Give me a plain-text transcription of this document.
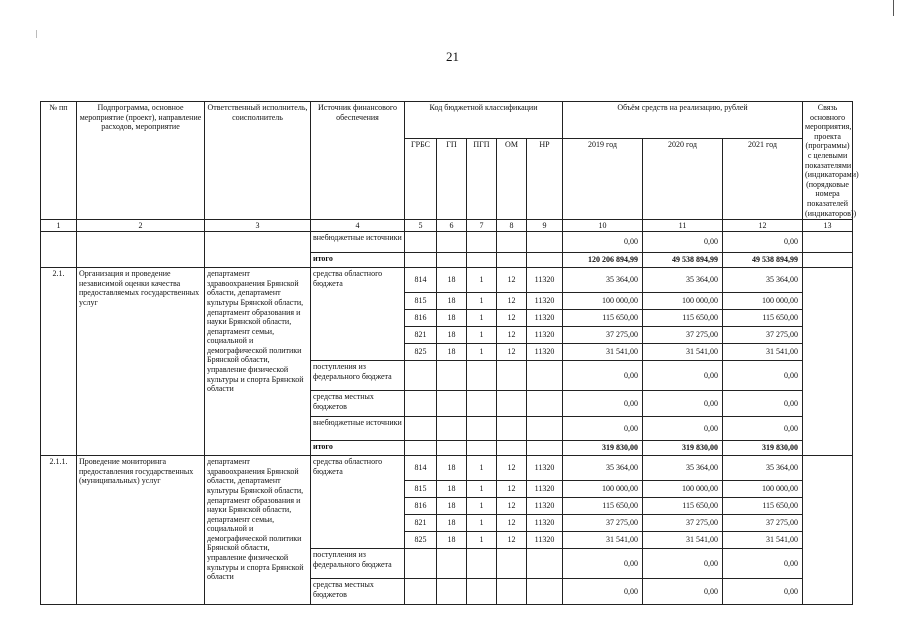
21
№ пп	Подпрограмма, основное мероприятие (проект), направление расходов, мероприятие	Ответственный исполнитель, соисполнитель	Источник финансового обеспечения	Код бюджетной классификации					Объём средств на реализацию, рублей			Связь основного мероприятия, проекта (программы) с целевыми показателями (индикаторами) (порядковые номера показателей (индикаторов))
				ГРБС	ГП	ПГП	ОМ	НР	2019 год	2020 год	2021 год	
1	2	3	4	5	6	7	8	9	10	11	12	13
			внебюджетные источники						0,00	0,00	0,00	
			итого						120 206 894,99	49 538 894,99	49 538 894,99	
2.1.	Организация и проведение независимой оценки качества предоставляемых государственных услуг	департамент здравоохранения Брянской области, департамент культуры Брянской области, департамент образования и науки Брянской области, департамент семьи, социальной и демографической политики Брянской области, управление физической культуры и спорта Брянской области	средства областного бюджета	814	18	1	12	11320	35 364,00	35 364,00	35 364,00	
				815	18	1	12	11320	100 000,00	100 000,00	100 000,00	
				816	18	1	12	11320	115 650,00	115 650,00	115 650,00	
				821	18	1	12	11320	37 275,00	37 275,00	37 275,00	
				825	18	1	12	11320	31 541,00	31 541,00	31 541,00	
			поступления из федерального бюджета						0,00	0,00	0,00	
			средства местных бюджетов						0,00	0,00	0,00	
			внебюджетные источники						0,00	0,00	0,00	
			итого						319 830,00	319 830,00	319 830,00	
2.1.1.	Проведение мониторинга предоставления государственных (муниципальных) услуг	департамент здравоохранения Брянской области, департамент культуры Брянской области, департамент образования и науки Брянской области, департамент семьи, социальной и демографической политики Брянской области, управление физической культуры и спорта Брянской области	средства областного бюджета	814	18	1	12	11320	35 364,00	35 364,00	35 364,00	
				815	18	1	12	11320	100 000,00	100 000,00	100 000,00	
				816	18	1	12	11320	115 650,00	115 650,00	115 650,00	
				821	18	1	12	11320	37 275,00	37 275,00	37 275,00	
				825	18	1	12	11320	31 541,00	31 541,00	31 541,00	
			поступления из федерального бюджета						0,00	0,00	0,00	
			средства местных бюджетов						0,00	0,00	0,00	
